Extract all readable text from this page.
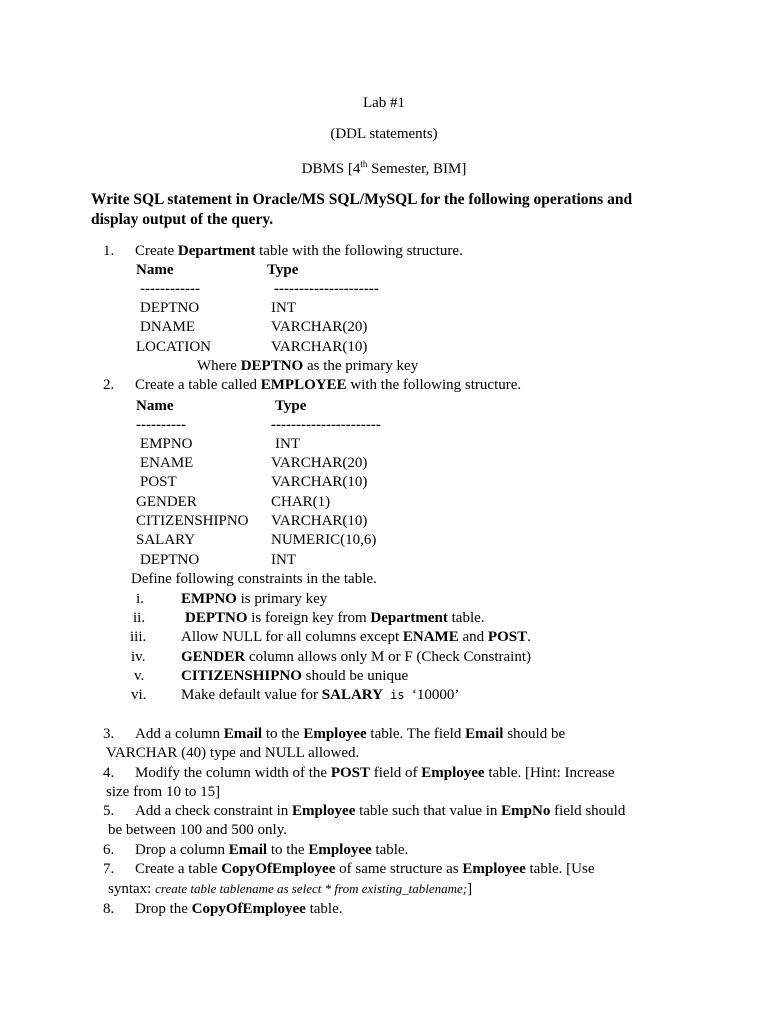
Lab #1
(DDL statements)
DBMS [4th Semester, BIM]
Write SQL statement in Oracle/MS SQL/MySQL for the following operations and
display output of the query.
1. Create Department table with the following structure.
Name	Type
------------	---------------------
DEPTNO	INT
DNAME	VARCHAR(20)
LOCATION	VARCHAR(10)
Where DEPTNO as the primary key
2. Create a table called EMPLOYEE with the following structure.
Name	Type
----------	----------------------
EMPNO	INT
ENAME	VARCHAR(20)
POST	VARCHAR(10)
GENDER	CHAR(1)
CITIZENSHIPNO VARCHAR(10)
SALARY	NUMERIC(10,6)
DEPTNO	INT
Define following constraints in the table.
i. EMPNO is primary key
ii.	DEPTNO is foreign key from Department table.
iii. Allow NULL for all columns except ENAME and POST.
iv. GENDER column allows only M or F (Check Constraint)
v. CITIZENSHIPNO should be unique
vi. Make default value for SALARY is ‘10000’
3. Add a column Email to the Employee table. The field Email should be
VARCHAR (40) type and NULL allowed.
4. Modify the column width of the POST field of Employee table. [Hint: Increase
size from 10 to 15]
5. Add a check constraint in Employee table such that value in EmpNo field should
be between 100 and 500 only.
6. Drop a column Email to the Employee table.
7. Create a table CopyOfEmployee of same structure as Employee table. [Use
syntax: create table tablename as select * from existing_tablename;]
8. Drop the CopyOfEmployee table.
